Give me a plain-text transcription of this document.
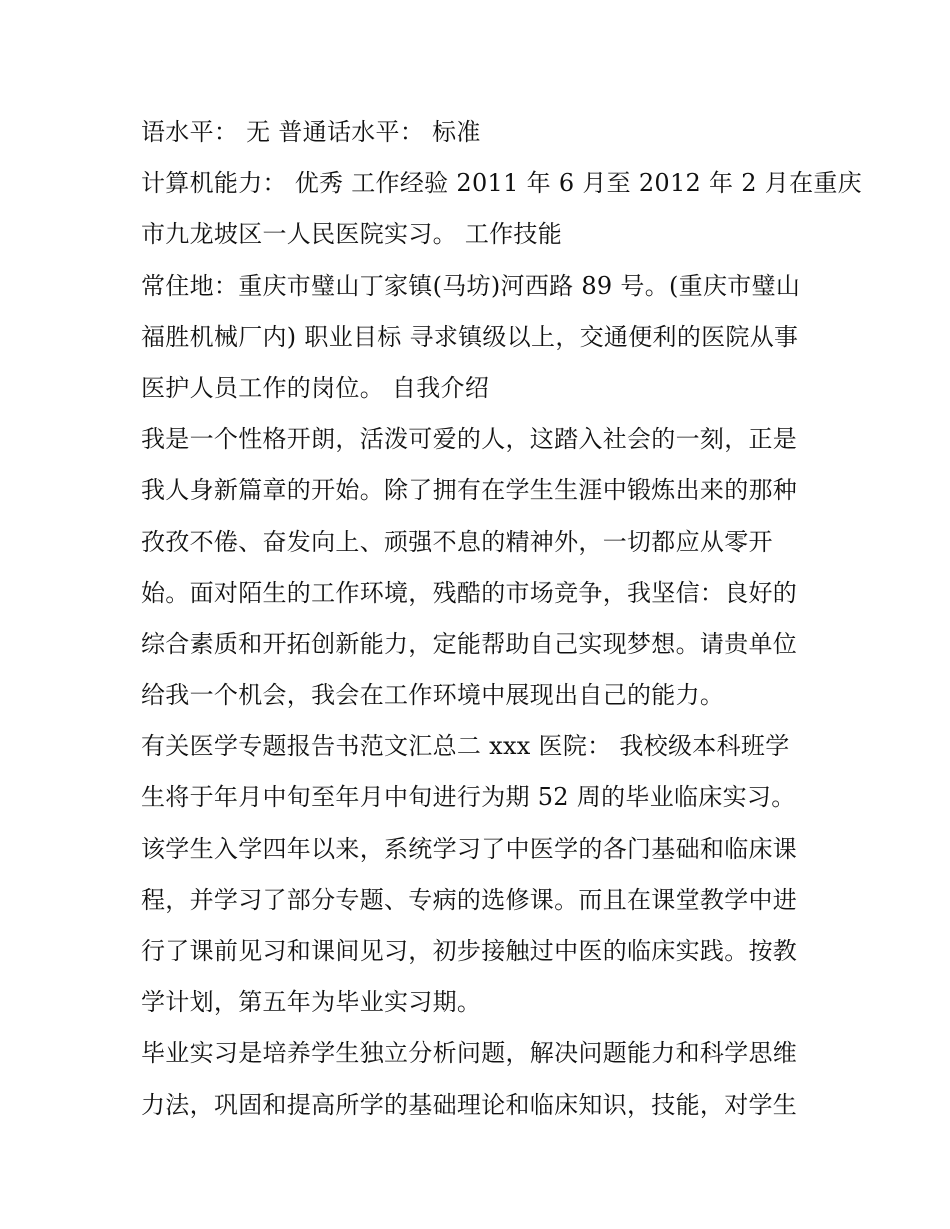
语水平： 无 普通话水平： 标准
计算机能力： 优秀 工作经验 2011 年 6 月至 2012 年 2 月在重庆
市九龙坡区一人民医院实习。 工作技能
常住地：重庆市璧山丁家镇(马坊)河西路 89 号。(重庆市璧山
福胜机械厂内) 职业目标 寻求镇级以上，交通便利的医院从事
医护人员工作的岗位。 自我介绍
我是一个性格开朗，活泼可爱的人，这踏入社会的一刻，正是
我人身新篇章的开始。除了拥有在学生生涯中锻炼出来的那种
孜孜不倦、奋发向上、顽强不息的精神外，一切都应从零开
始。面对陌生的工作环境，残酷的市场竞争，我坚信：良好的
综合素质和开拓创新能力，定能帮助自己实现梦想。请贵单位
给我一个机会，我会在工作环境中展现出自己的能力。
有关医学专题报告书范文汇总二 xxx 医院： 我校级本科班学
生将于年月中旬至年月中旬进行为期 52 周的毕业临床实习。
该学生入学四年以来，系统学习了中医学的各门基础和临床课
程，并学习了部分专题、专病的选修课。而且在课堂教学中进
行了课前见习和课间见习，初步接触过中医的临床实践。按教
学计划，第五年为毕业实习期。
毕业实习是培养学生独立分析问题，解决问题能力和科学思维
力法，巩固和提高所学的基础理论和临床知识，技能，对学生
